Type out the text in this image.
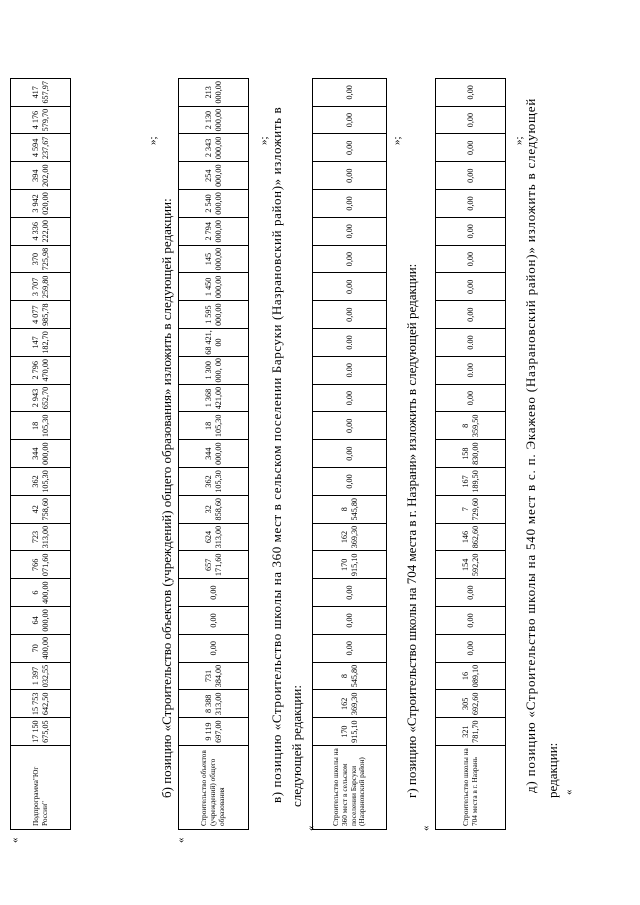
«
Подпрограмма"Юг России"	17 150 675,05	15 753 642,50	1 397 032,55	70 400,00	64 000,00	6 400,00	766 071,60	723 313,00	42 758,60	362 105,30	344 000,00	18 105,30	2 943 652,70	2 796 470,00	147 182,70	4 077 985,78	3 707 259,80	370 725,98	4 336 222,00	3 942 020,00	394 202,00	4 594 237,67	4 176 579,70	417 657,97
»;
б) позицию «Строительство объектов (учреждений) общего образования» изложить в следующей редакции:
«
Строительство объектов (учреждений) общего образования	9 119 697,00	8 388 313,00	731 384,00	0,00	0,00	0,00	657 171,60	624 313,00	32 858,60	362 105,30	344 000,00	18 105,30	1 368 421,00	1 300 000, 00	68 421, 00	1 595 000,00	1 450 000,00	145 000,00	2 794 000,00	2 540 000,00	254 000,00	2 343 000,00	2 130 000,00	213 000,00
»; в) позицию «Строительство школы на 360 мест в сельском поселении Барсуки (Назрановский район)» изложить в следующей редакции:
«
Строительство школы на 360 мест в сельском поселении Барсуки (Назрановский район)	170 915,10	162 369,30	8 545,80	0,00	0,00	0,00	170 915,10	162 369,30	8 545,80	0,00	0,00	0,00	0,00	0.00	0.00	0,00	0,00	0,00	0,00	0,00	0,00	0,00	0,00	0,00
»;
г) позицию «Строительство школы на 704 места в г. Назрани» изложить в следующей редакции:
«
Строительство школы на 704 места в г. Назрань	321 781,70	305 692,60	16 089,10	0,00	0,00	0,00	154 592,20	146 862,60	7 729,60	167 189,50	158 830,00	8 359,50	0,00	0.00	0.00	0,00	0,00	0,00	0,00	0,00	0,00	0,00	0,00	0,00
»;
д) позицию «Строительство школы на 540 мест в с. п. Экажево (Назрановский район)» изложить в следующей редакции: «
